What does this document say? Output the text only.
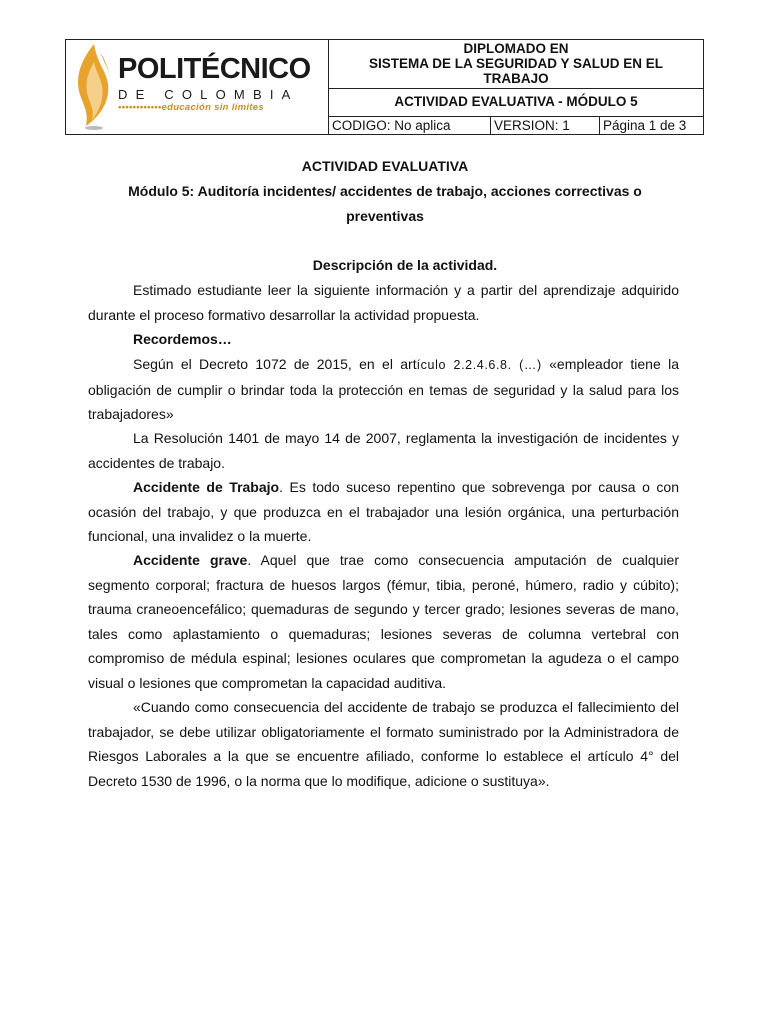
POLITÉCNICO
DE COLOMBIA
••••••••••••educación sin límites
DIPLOMADO EN
SISTEMA DE LA SEGURIDAD Y SALUD EN EL
TRABAJO
ACTIVIDAD EVALUATIVA - MÓDULO 5
CODIGO: No aplica	VERSION: 1	Página 1 de 3
ACTIVIDAD EVALUATIVA
Módulo 5: Auditoría incidentes/ accidentes de trabajo, acciones correctivas o
preventivas
Descripción de la actividad.
Estimado estudiante leer la siguiente información y a partir del aprendizaje adquirido durante el proceso formativo desarrollar la actividad propuesta.
Recordemos…
Según el Decreto 1072 de 2015, en el artículo 2.2.4.6.8. (…) «empleador tiene la obligación de cumplir o brindar toda la protección en temas de seguridad y la salud para los trabajadores»
La Resolución 1401 de mayo 14 de 2007, reglamenta la investigación de incidentes y accidentes de trabajo.
Accidente de Trabajo. Es todo suceso repentino que sobrevenga por causa o con ocasión del trabajo, y que produzca en el trabajador una lesión orgánica, una perturbación funcional, una invalidez o la muerte.
Accidente grave. Aquel que trae como consecuencia amputación de cualquier segmento corporal; fractura de huesos largos (fémur, tibia, peroné, húmero, radio y cúbito); trauma craneoencefálico; quemaduras de segundo y tercer grado; lesiones severas de mano, tales como aplastamiento o quemaduras; lesiones severas de columna vertebral con compromiso de médula espinal; lesiones oculares que comprometan la agudeza o el campo visual o lesiones que comprometan la capacidad auditiva.
«Cuando como consecuencia del accidente de trabajo se produzca el fallecimiento del trabajador, se debe utilizar obligatoriamente el formato suministrado por la Administradora de Riesgos Laborales a la que se encuentre afiliado, conforme lo establece el artículo 4° del Decreto 1530 de 1996, o la norma que lo modifique, adicione o sustituya».
